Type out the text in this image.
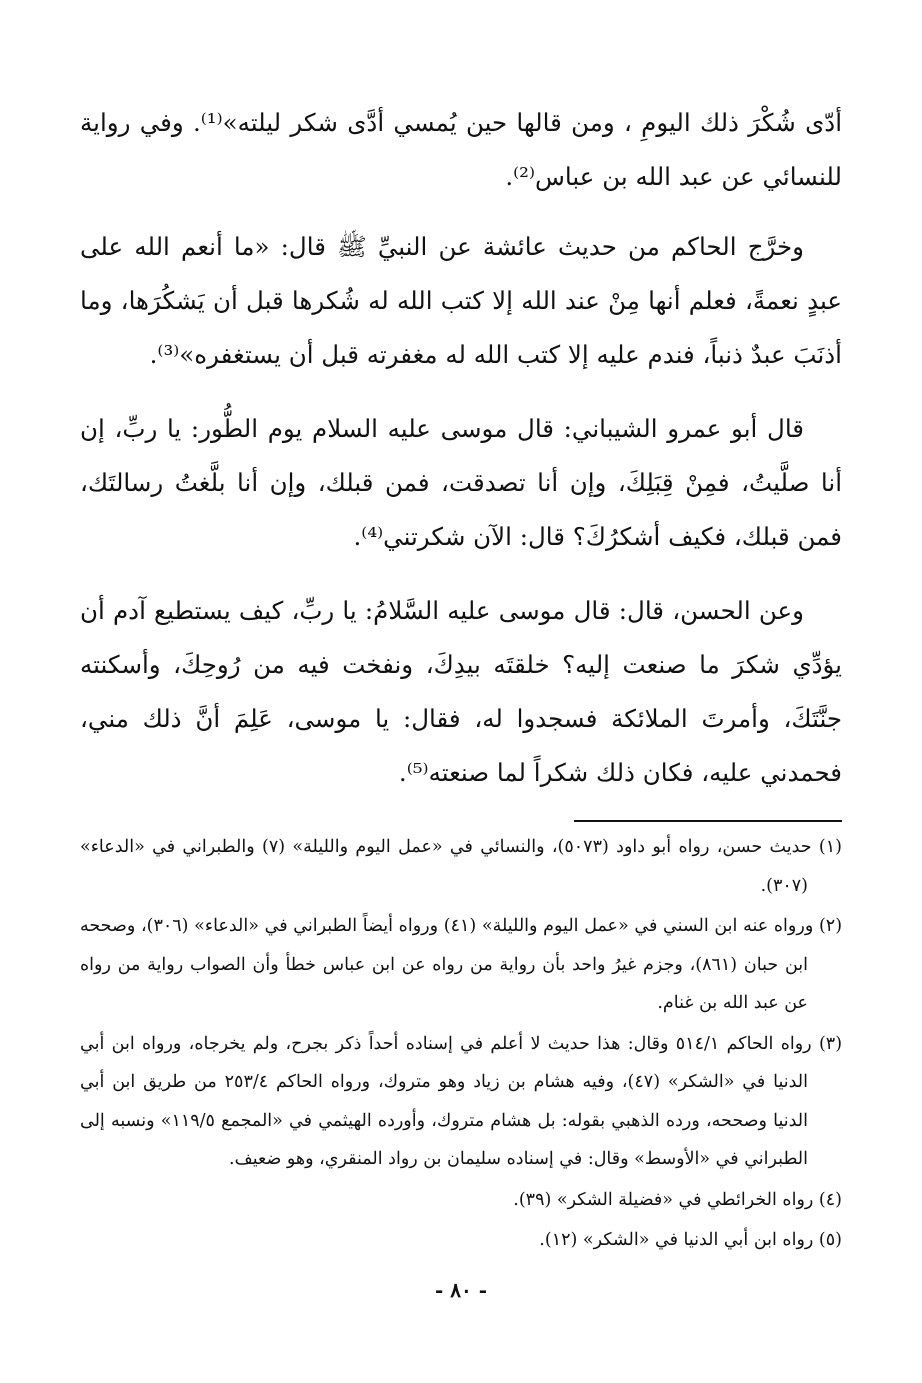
أدّى شُكْرَ ذلك اليومِ ، ومن قالها حين يُمسي أدَّى شكر ليلته»⁽¹⁾. وفي رواية للنسائي عن عبد الله بن عباس⁽²⁾.

وخرَّج الحاكم من حديث عائشة عن النبيِّ ﷺ قال: «ما أنعم الله على عبدٍ نعمةً، فعلم أنها مِنْ عند الله إلا كتب الله له شُكرها قبل أن يَشكُرَها، وما أذنَبَ عبدٌ ذنباً، فندم عليه إلا كتب الله له مغفرته قبل أن يستغفره»⁽³⁾.

قال أبو عمرو الشيباني: قال موسى عليه السلام يوم الطُّور: يا ربِّ، إن أنا صلَّيتُ، فمِنْ قِبَلِكَ، وإن أنا تصدقت، فمن قبلك، وإن أنا بلَّغتُ رسالتَك، فمن قبلك، فكيف أشكرُكَ؟ قال: الآن شكرتني⁽⁴⁾.

وعن الحسن، قال: قال موسى عليه السَّلامُ: يا ربِّ، كيف يستطيع آدم أن يؤدِّي شكرَ ما صنعت إليه؟ خلقتَه بيدِكَ، ونفخت فيه من رُوحِكَ، وأسكنته جنَّتَكَ، وأمرتَ الملائكة فسجدوا له، فقال: يا موسى، عَلِمَ أنَّ ذلك مني، فحمدني عليه، فكان ذلك شكراً لما صنعته⁽⁵⁾.

(١) حديث حسن، رواه أبو داود (٥٠٧٣)، والنسائي في «عمل اليوم والليلة» (٧) والطبراني في «الدعاء» (٣٠٧).

(٢) ورواه عنه ابن السني في «عمل اليوم والليلة» (٤١) ورواه أيضاً الطبراني في «الدعاء» (٣٠٦)، وصححه ابن حبان (٨٦١)، وجزم غيرُ واحد بأن رواية من رواه عن ابن عباس خطأ وأن الصواب رواية من رواه عن عبد الله بن غنام.

(٣) رواه الحاكم ٥١٤/١ وقال: هذا حديث لا أعلم في إسناده أحداً ذكر بجرح، ولم يخرجاه، ورواه ابن أبي الدنيا في «الشكر» (٤٧)، وفيه هشام بن زياد وهو متروك، ورواه الحاكم ٢٥٣/٤ من طريق ابن أبي الدنيا وصححه، ورده الذهبي بقوله: بل هشام متروك، وأورده الهيثمي في «المجمع ١١٩/٥» ونسبه إلى الطبراني في «الأوسط» وقال: في إسناده سليمان بن رواد المنقري، وهو ضعيف.

(٤) رواه الخرائطي في «فضيلة الشكر» (٣٩).

(٥) رواه ابن أبي الدنيا في «الشكر» (١٢).

- ٨٠ -
